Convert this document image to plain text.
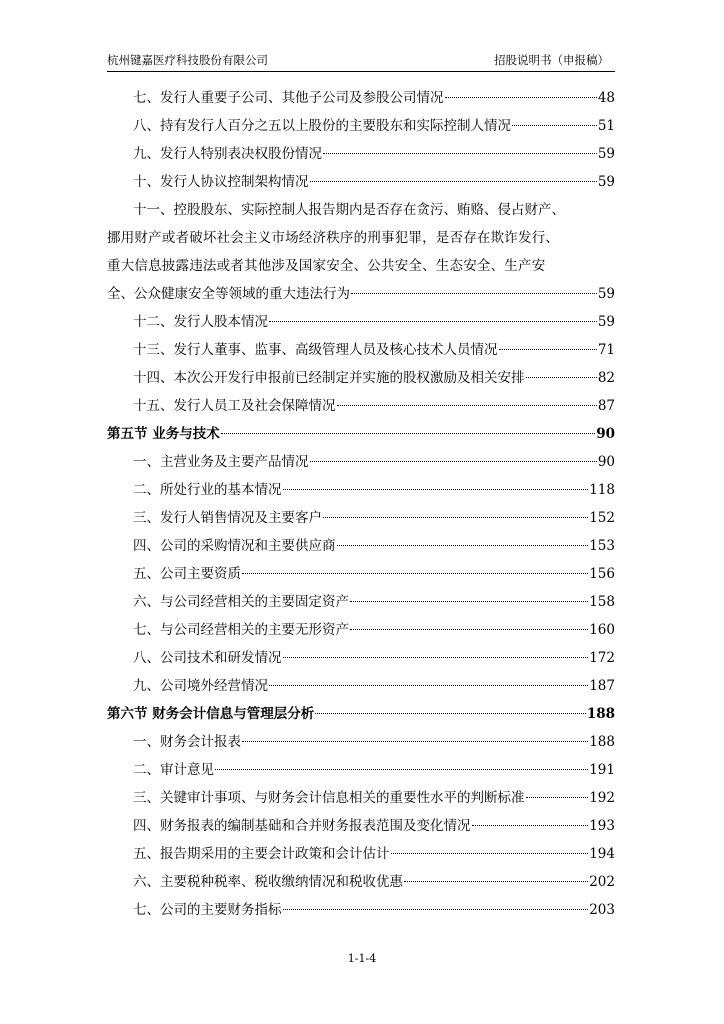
杭州键嘉医疗科技股份有限公司	招股说明书（申报稿）
七、发行人重要子公司、其他子公司及参股公司情况	48
八、持有发行人百分之五以上股份的主要股东和实际控制人情况	51
九、发行人特别表决权股份情况	59
十、发行人协议控制架构情况	59
十一、控股股东、实际控制人报告期内是否存在贪污、贿赂、侵占财产、
挪用财产或者破坏社会主义市场经济秩序的刑事犯罪，是否存在欺诈发行、
重大信息披露违法或者其他涉及国家安全、公共安全、生态安全、生产安
全、公众健康安全等领域的重大违法行为	59
十二、发行人股本情况	59
十三、发行人董事、监事、高级管理人员及核心技术人员情况	71
十四、本次公开发行申报前已经制定并实施的股权激励及相关安排	82
十五、发行人员工及社会保障情况	87
第五节 业务与技术	90
一、主营业务及主要产品情况	90
二、所处行业的基本情况	118
三、发行人销售情况及主要客户	152
四、公司的采购情况和主要供应商	153
五、公司主要资质	156
六、与公司经营相关的主要固定资产	158
七、与公司经营相关的主要无形资产	160
八、公司技术和研发情况	172
九、公司境外经营情况	187
第六节 财务会计信息与管理层分析	188
一、财务会计报表	188
二、审计意见	191
三、关键审计事项、与财务会计信息相关的重要性水平的判断标准	192
四、财务报表的编制基础和合并财务报表范围及变化情况	193
五、报告期采用的主要会计政策和会计估计	194
六、主要税种税率、税收缴纳情况和税收优惠	202
七、公司的主要财务指标	203
1-1-4
